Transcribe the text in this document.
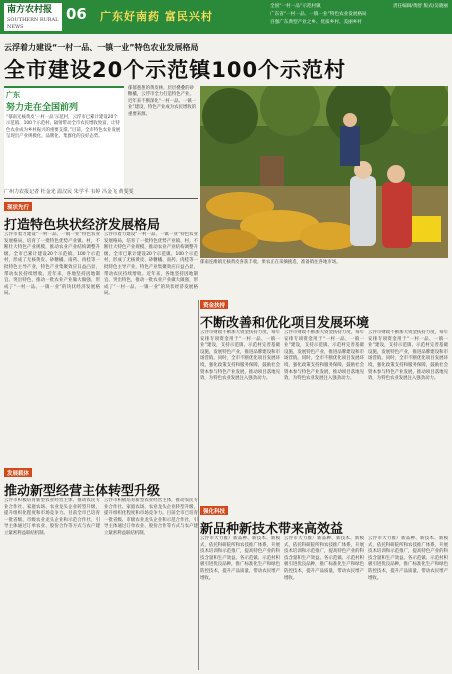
南方农村报
SOUTHERN RURAL NEWS
06 广东好南药 富民兴村
全国“一村一品”示范村镇
广东省“一村一品、一镇一业”特色农业发展格局
百强广东典型产业之乡、优质乡村、美丽乡村
责任编辑/黄舒 版式/吴晓丽
云浮着力建设“一村一品、一镇一业”特色农业发展格局
全市建设20个示范镇100个示范村
广东
努力走在全国前列
“郁南无核黄皮‘一村一品’示范村，云浮市已累计建设20个示范镇、100个示范村，辐射带动全市农民增收致富，让特色农业成为乡村振兴的重要支撑。”目前，全市特色农业发展呈现出产业规模化、品牌化、集群化的良好态势。
广州力农报记者 杜金光 温汉民 朱学平 韦婷 冯金飞 黄雯雯
郁郁葱葱的黄皮林，层层叠叠的砂糖橘，云浮市全力打造特色产业，近年来不断深化“一村一品、一镇一业”建设，特色产业成为农民增收的重要来源。
郁南连滩镇无核黄皮喜获丰收，果农正在采摘挑选，准备销往各地市场。
现状先行
打造特色块状经济发展格局
云浮市着力建设“一村一品、一镇一业”特色农业发展格局，培育了一批特色优势产业镇、村，不断壮大特色产业规模，推动农业产业结构调整升级。全市已累计建设20个示范镇、100个示范村，形成了无核黄皮、砂糖橘、南药、肉桂等一批特色主导产业，特色产业集聚效应日益凸显，带动农民持续增收。近年来，各地坚持因地制宜、突出特色，推动一批农业产业做大做强，形成了“一村一品、一镇一业”的块状经济发展格局。
云浮市着力建设“一村一品、一镇一业”特色农业发展格局，培育了一批特色优势产业镇、村，不断壮大特色产业规模，推动农业产业结构调整升级。全市已累计建设20个示范镇、100个示范村，形成了无核黄皮、砂糖橘、南药、肉桂等一批特色主导产业，特色产业集聚效应日益凸显，带动农民持续增收。近年来，各地坚持因地制宜、突出特色，推动一批农业产业做大做强，形成了“一村一品、一镇一业”的块状经济发展格局。
资金扶持
不断改善和优化项目发展环境
云浮市财政不断加大资金扶持力度，每年安排专项资金用于“一村一品、一镇一业”建设，支持示范镇、示范村完善基础设施，发展特色产业，推进品牌建设和市场营销。同时，全市不断优化项目发展环境，强化政策支持和服务保障，鼓励社会资本参与特色产业发展，推动项目落地见效，为特色农业发展注入强劲动力。
云浮市财政不断加大资金扶持力度，每年安排专项资金用于“一村一品、一镇一业”建设，支持示范镇、示范村完善基础设施，发展特色产业，推进品牌建设和市场营销。同时，全市不断优化项目发展环境，强化政策支持和服务保障，鼓励社会资本参与特色产业发展，推动项目落地见效，为特色农业发展注入强劲动力。
云浮市财政不断加大资金扶持力度，每年安排专项资金用于“一村一品、一镇一业”建设，支持示范镇、示范村完善基础设施，发展特色产业，推进品牌建设和市场营销。同时，全市不断优化项目发展环境，强化政策支持和服务保障，鼓励社会资本参与特色产业发展，推动项目落地见效，为特色农业发展注入强劲动力。
发展载体
推动新型经营主体转型升级
云浮市积极培育新型农业经营主体，推动农民专业合作社、家庭农场、农业龙头企业转型升级，提升组织化程度和市场竞争力。目前全市已培育一批省级、市级农业龙头企业和示范合作社，引导主体通过订单农业、股份合作等方式与农户建立紧密利益联结机制。
云浮市积极培育新型农业经营主体，推动农民专业合作社、家庭农场、农业龙头企业转型升级，提升组织化程度和市场竞争力。目前全市已培育一批省级、市级农业龙头企业和示范合作社，引导主体通过订单农业、股份合作等方式与农户建立紧密利益联结机制。
强化科技
新品种新技术带来高效益
云浮市大力推广新品种、新技术、新模式，依托科研院所和农技推广体系，开展技术培训和示范推广，提高特色产业的科技含量和生产效益。各示范镇、示范村积极引进优良品种，推广标准化生产和绿色防控技术，提升产品质量，带动农民增产增收。
云浮市大力推广新品种、新技术、新模式，依托科研院所和农技推广体系，开展技术培训和示范推广，提高特色产业的科技含量和生产效益。各示范镇、示范村积极引进优良品种，推广标准化生产和绿色防控技术，提升产品质量，带动农民增产增收。
云浮市大力推广新品种、新技术、新模式，依托科研院所和农技推广体系，开展技术培训和示范推广，提高特色产业的科技含量和生产效益。各示范镇、示范村积极引进优良品种，推广标准化生产和绿色防控技术，提升产品质量，带动农民增产增收。
